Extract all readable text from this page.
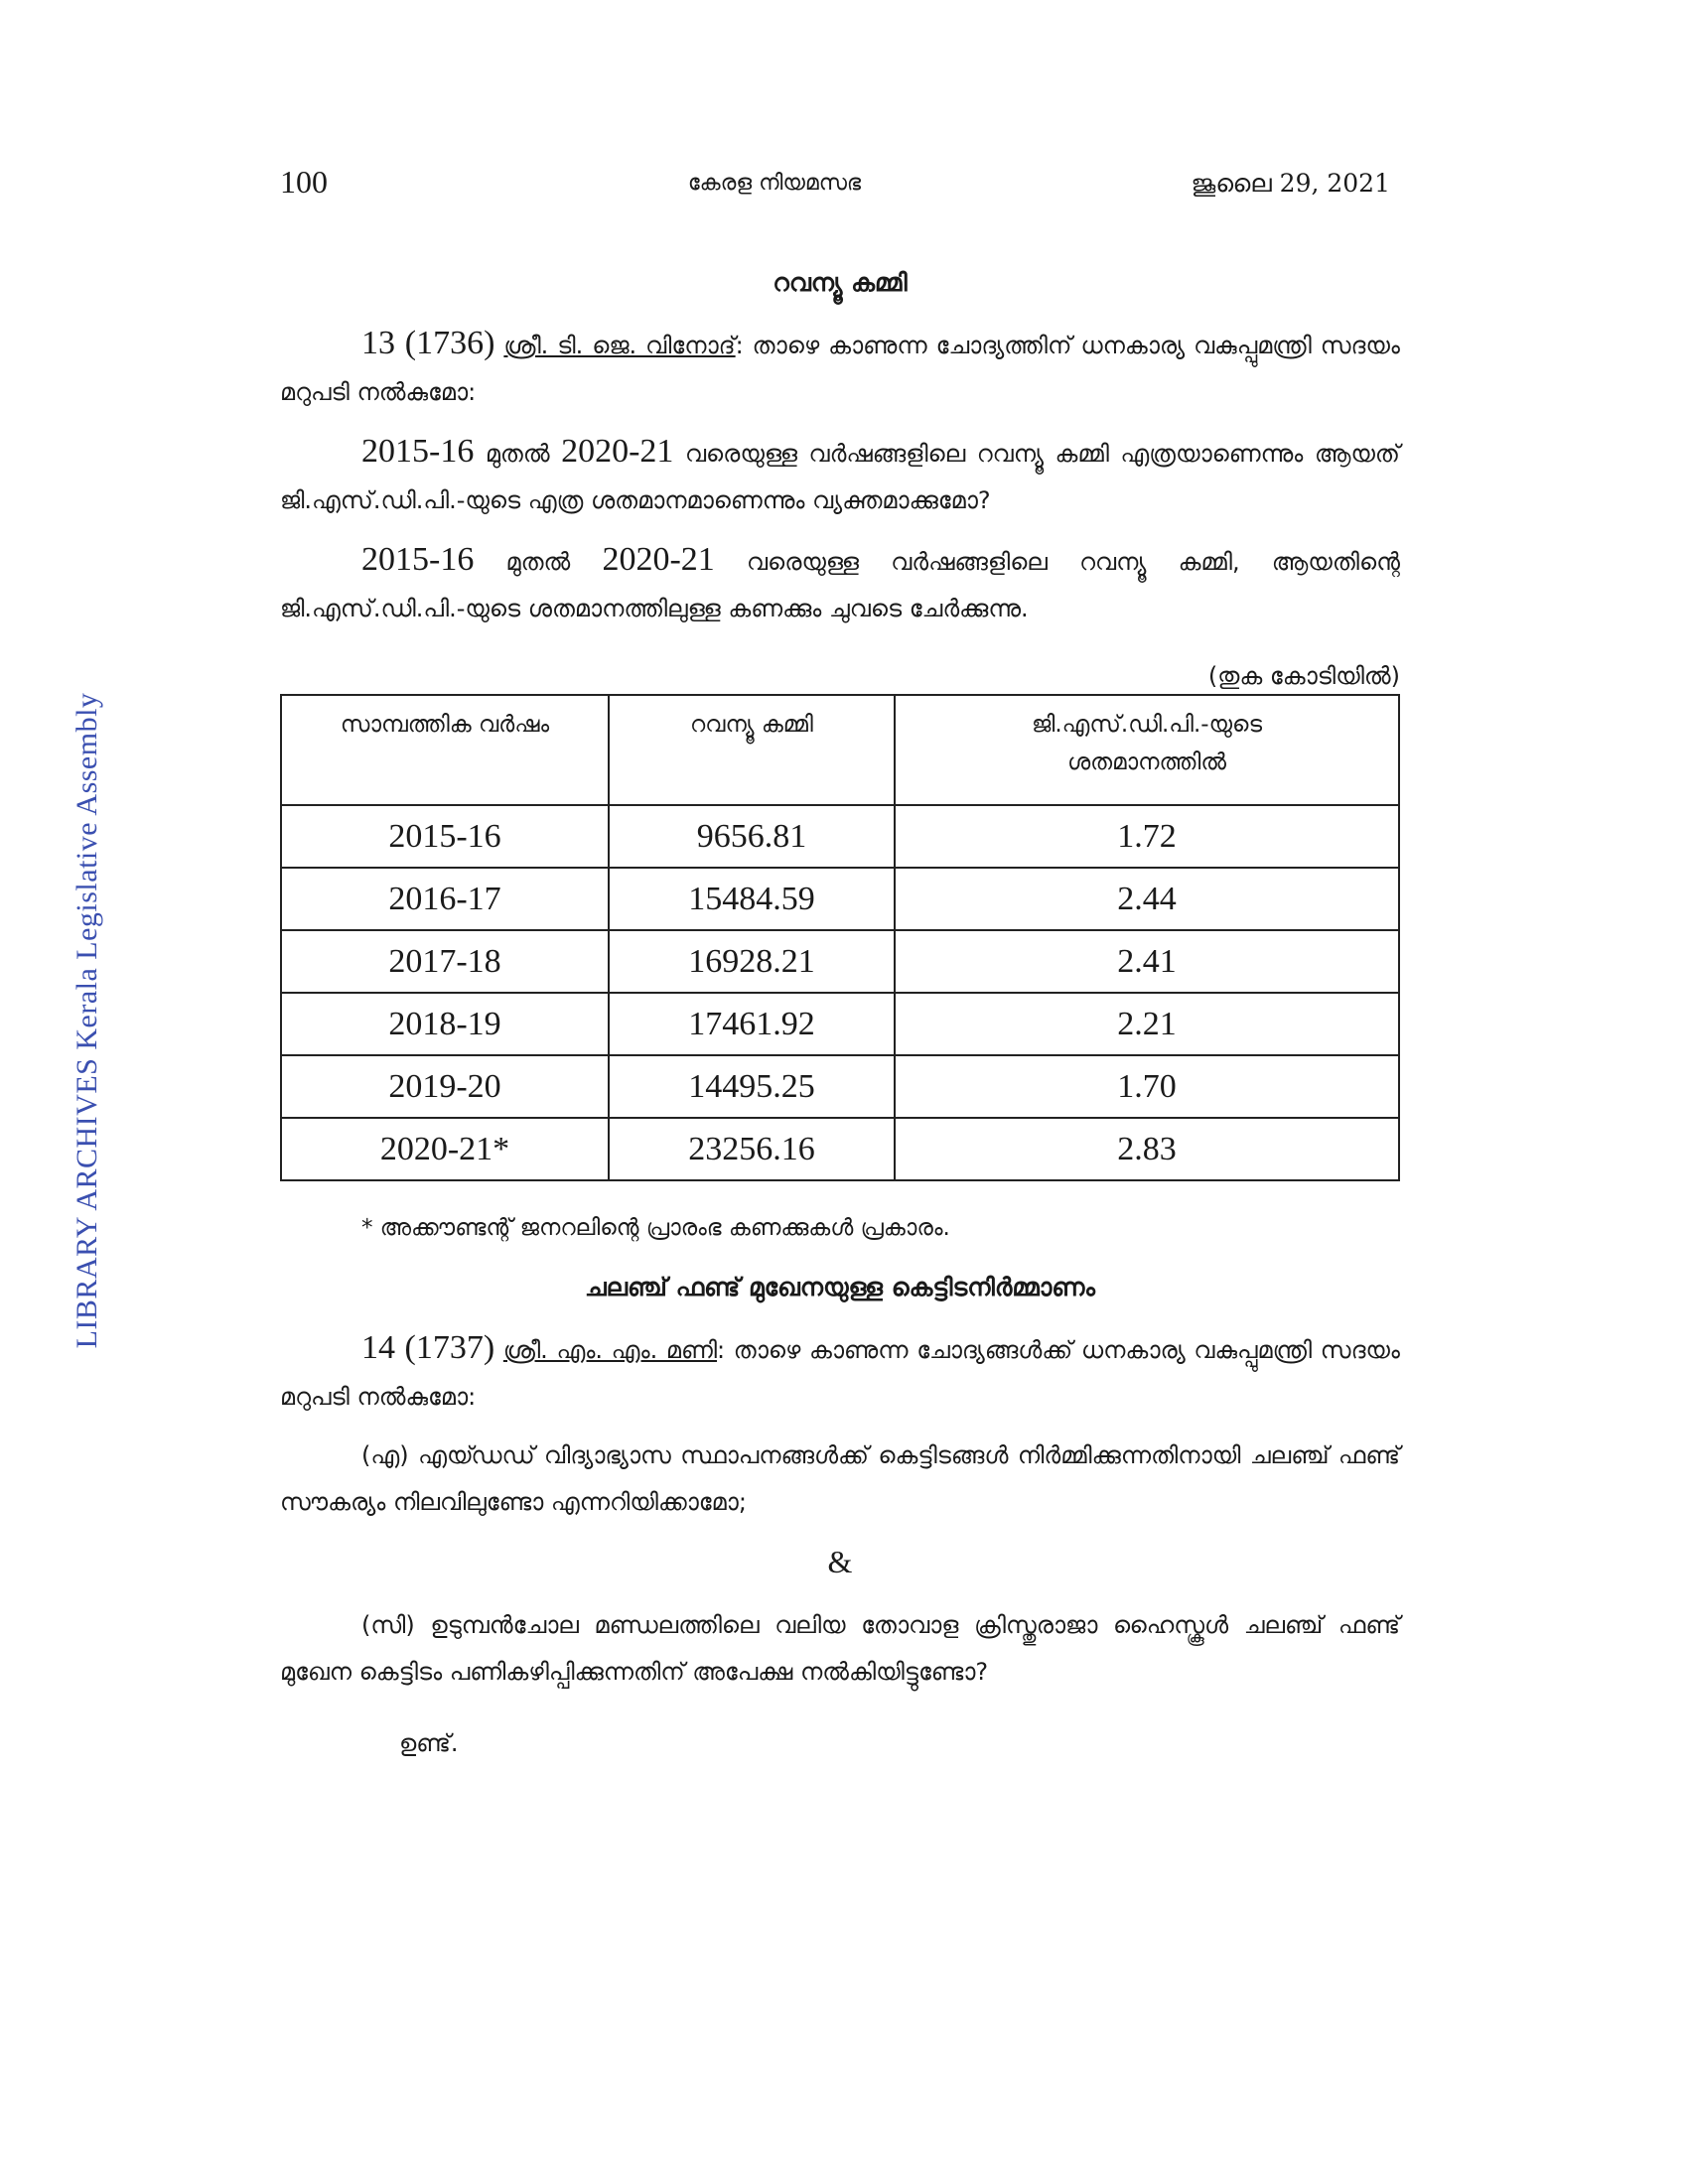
LIBRARY ARCHIVES Kerala Legislative Assembly
100	കേരള നിയമസഭ	ജൂലൈ 29, 2021
റവന്യൂ കമ്മി

13 (1736) ശ്രീ. ടി. ജെ. വിനോദ്: താഴെ കാണുന്ന ചോദ്യത്തിന് ധനകാര്യ വകുപ്പുമന്ത്രി സദയം മറുപടി നൽകുമോ:

2015-16 മുതൽ 2020-21 വരെയുള്ള വർഷങ്ങളിലെ റവന്യൂ കമ്മി എത്രയാണെന്നും ആയത് ജി.എസ്.ഡി.പി.-യുടെ എത്ര ശതമാനമാണെന്നും വ്യക്തമാക്കുമോ?

2015-16 മുതൽ 2020-21 വരെയുള്ള വർഷങ്ങളിലെ റവന്യൂ കമ്മി, ആയതിന്റെ ജി.എസ്.ഡി.പി.-യുടെ ശതമാനത്തിലുള്ള കണക്കും ചുവടെ ചേർക്കുന്നു.

(തുക കോടിയിൽ)
സാമ്പത്തിക വർഷം	റവന്യൂ കമ്മി	ജി.എസ്.ഡി.പി.-യുടെ ശതമാനത്തിൽ
2015-16	9656.81	1.72
2016-17	15484.59	2.44
2017-18	16928.21	2.41
2018-19	17461.92	2.21
2019-20	14495.25	1.70
2020-21*	23256.16	2.83
* അക്കൗണ്ടന്റ് ജനറലിന്റെ പ്രാരംഭ കണക്കുകൾ പ്രകാരം.
ചലഞ്ച് ഫണ്ട് മുഖേനയുള്ള കെട്ടിടനിർമ്മാണം

14 (1737) ശ്രീ. എം. എം. മണി: താഴെ കാണുന്ന ചോദ്യങ്ങൾക്ക് ധനകാര്യ വകുപ്പുമന്ത്രി സദയം മറുപടി നൽകുമോ:

(എ) എയ്ഡഡ് വിദ്യാഭ്യാസ സ്ഥാപനങ്ങൾക്ക് കെട്ടിടങ്ങൾ നിർമ്മിക്കുന്നതിനായി ചലഞ്ച് ഫണ്ട് സൗകര്യം നിലവിലുണ്ടോ എന്നറിയിക്കാമോ;

&

(സി) ഉടുമ്പൻചോല മണ്ഡലത്തിലെ വലിയ തോവാള ക്രിസ്തുരാജാ ഹൈസ്കൂൾ ചലഞ്ച് ഫണ്ട് മുഖേന കെട്ടിടം പണികഴിപ്പിക്കുന്നതിന് അപേക്ഷ നൽകിയിട്ടുണ്ടോ?

ഉണ്ട്.
